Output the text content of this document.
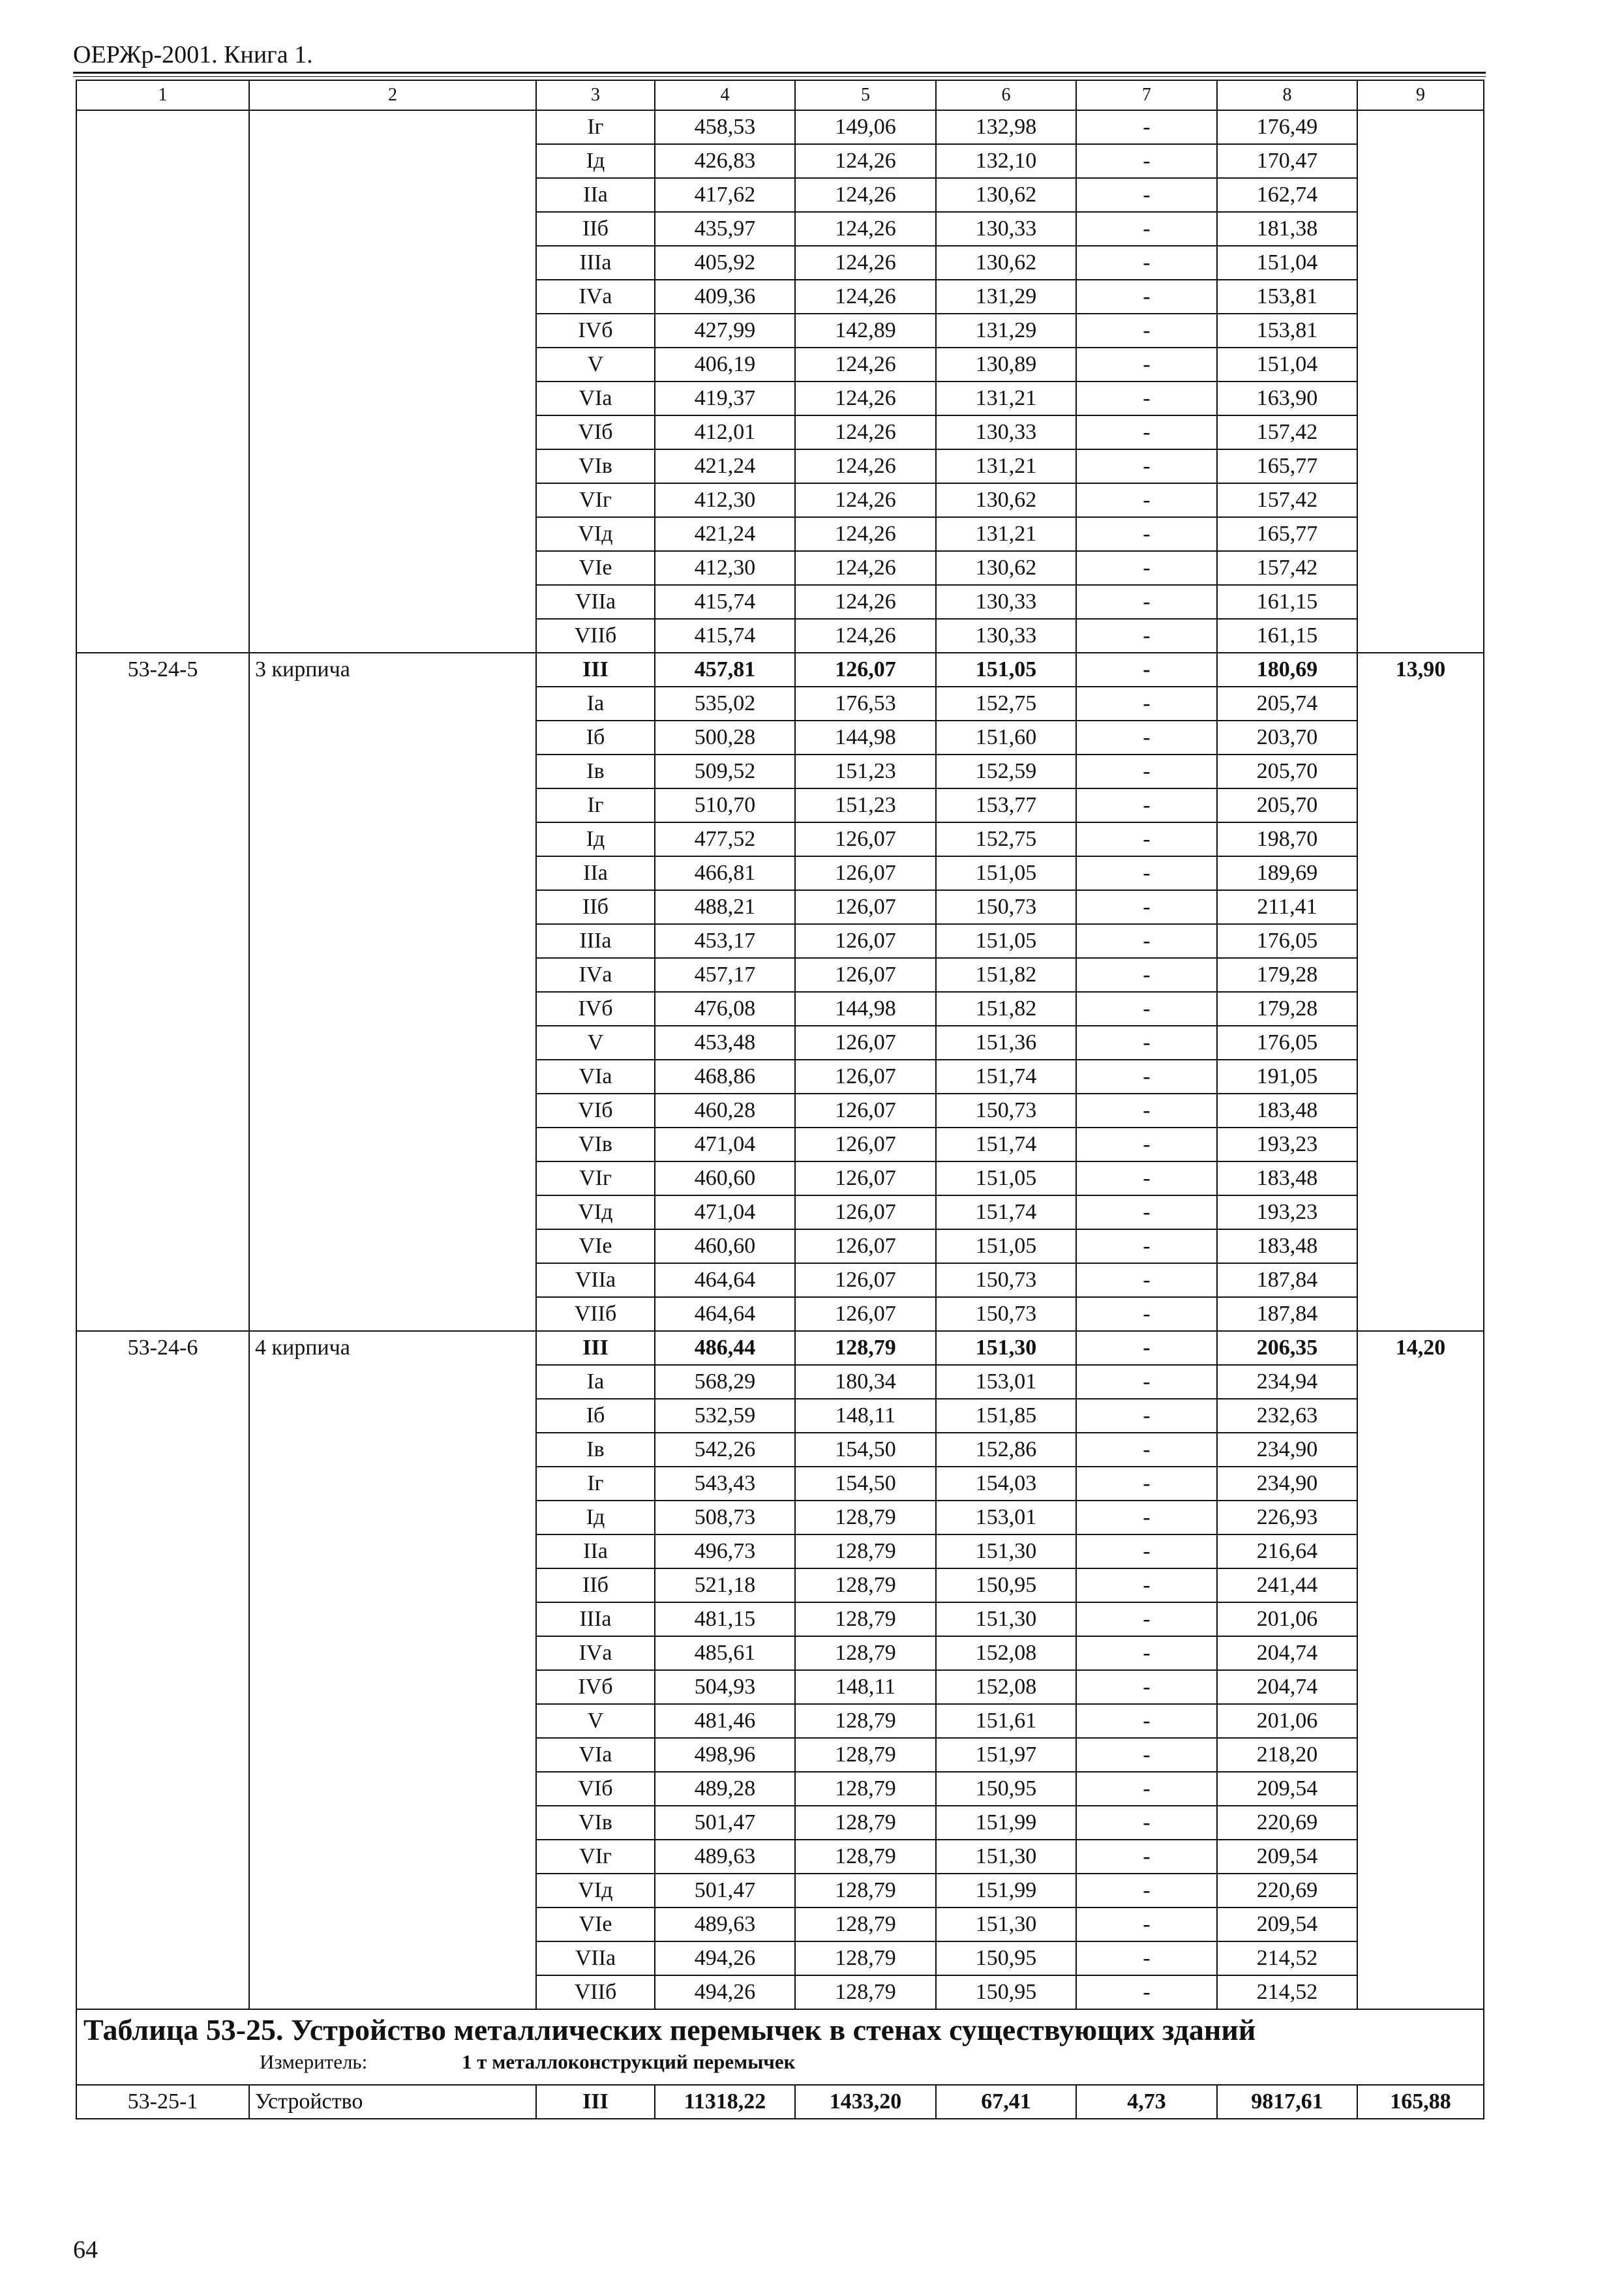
ОЕРЖр-2001. Книга 1.
1	2	3	4	5	6	7	8	9
		Iг	458,53	149,06	132,98	-	176,49	
		Iд	426,83	124,26	132,10	-	170,47	
		IIа	417,62	124,26	130,62	-	162,74	
		IIб	435,97	124,26	130,33	-	181,38	
		IIIа	405,92	124,26	130,62	-	151,04	
		IVа	409,36	124,26	131,29	-	153,81	
		IVб	427,99	142,89	131,29	-	153,81	
		V	406,19	124,26	130,89	-	151,04	
		VIа	419,37	124,26	131,21	-	163,90	
		VIб	412,01	124,26	130,33	-	157,42	
		VIв	421,24	124,26	131,21	-	165,77	
		VIг	412,30	124,26	130,62	-	157,42	
		VIд	421,24	124,26	131,21	-	165,77	
		VIе	412,30	124,26	130,62	-	157,42	
		VIIа	415,74	124,26	130,33	-	161,15	
		VIIб	415,74	124,26	130,33	-	161,15	
53-24-5	3 кирпича	III	457,81	126,07	151,05	-	180,69	13,90
		Iа	535,02	176,53	152,75	-	205,74	
		Iб	500,28	144,98	151,60	-	203,70	
		Iв	509,52	151,23	152,59	-	205,70	
		Iг	510,70	151,23	153,77	-	205,70	
		Iд	477,52	126,07	152,75	-	198,70	
		IIа	466,81	126,07	151,05	-	189,69	
		IIб	488,21	126,07	150,73	-	211,41	
		IIIа	453,17	126,07	151,05	-	176,05	
		IVа	457,17	126,07	151,82	-	179,28	
		IVб	476,08	144,98	151,82	-	179,28	
		V	453,48	126,07	151,36	-	176,05	
		VIа	468,86	126,07	151,74	-	191,05	
		VIб	460,28	126,07	150,73	-	183,48	
		VIв	471,04	126,07	151,74	-	193,23	
		VIг	460,60	126,07	151,05	-	183,48	
		VIд	471,04	126,07	151,74	-	193,23	
		VIе	460,60	126,07	151,05	-	183,48	
		VIIа	464,64	126,07	150,73	-	187,84	
		VIIб	464,64	126,07	150,73	-	187,84	
53-24-6	4 кирпича	III	486,44	128,79	151,30	-	206,35	14,20
		Iа	568,29	180,34	153,01	-	234,94	
		Iб	532,59	148,11	151,85	-	232,63	
		Iв	542,26	154,50	152,86	-	234,90	
		Iг	543,43	154,50	154,03	-	234,90	
		Iд	508,73	128,79	153,01	-	226,93	
		IIа	496,73	128,79	151,30	-	216,64	
		IIб	521,18	128,79	150,95	-	241,44	
		IIIа	481,15	128,79	151,30	-	201,06	
		IVа	485,61	128,79	152,08	-	204,74	
		IVб	504,93	148,11	152,08	-	204,74	
		V	481,46	128,79	151,61	-	201,06	
		VIа	498,96	128,79	151,97	-	218,20	
		VIб	489,28	128,79	150,95	-	209,54	
		VIв	501,47	128,79	151,99	-	220,69	
		VIг	489,63	128,79	151,30	-	209,54	
		VIд	501,47	128,79	151,99	-	220,69	
		VIе	489,63	128,79	151,30	-	209,54	
		VIIа	494,26	128,79	150,95	-	214,52	
		VIIб	494,26	128,79	150,95	-	214,52	

Таблица 53-25. Устройство металлических перемычек в стенах существующих зданий
Измеритель: 1 т металлоконструкций перемычек								

53-25-1	Устройство	III	11318,22	1433,20	67,41	4,73	9817,61	165,88
64
